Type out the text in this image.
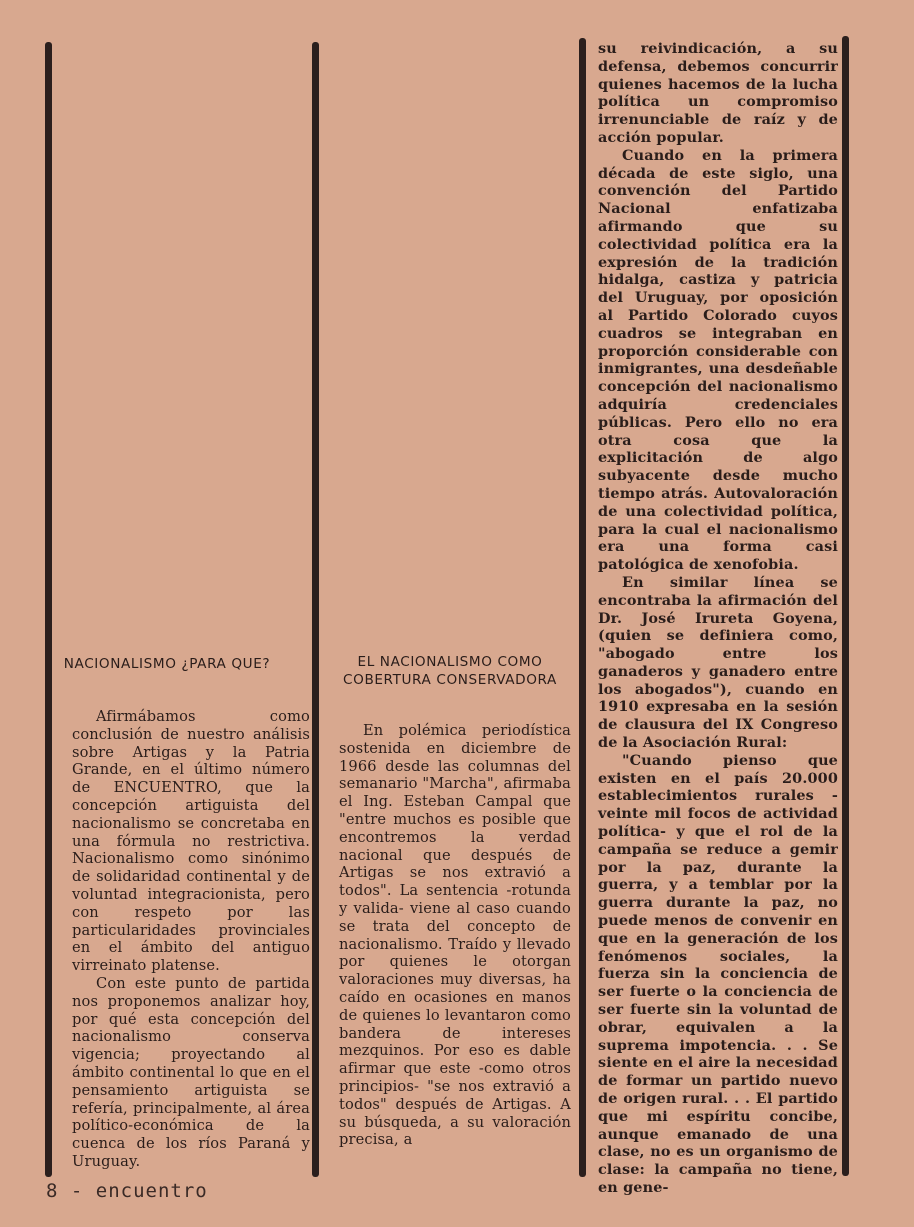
NACIONALISMO ¿PARA QUE?

Afirmábamos como conclusión de nuestro análisis sobre Artigas y la Patria Grande, en el último número de ENCUENTRO, que la concepción artiguista del nacionalismo se concretaba en una fórmula no restrictiva. Nacionalismo como sinónimo de solidaridad continental y de voluntad integracionista, pero con respeto por las particularidades provinciales en el ámbito del antiguo virreinato platense.

Con este punto de partida nos proponemos analizar hoy, por qué esta concepción del nacionalismo conserva vigencia; proyectando al ámbito continental lo que en el pensamiento artiguista se refería, principalmente, al área político-económica de la cuenca de los ríos Paraná y Uruguay.

EL NACIONALISMO COMO COBERTURA CONSERVADORA

En polémica periodística sostenida en diciembre de 1966 desde las columnas del semanario "Marcha", afirmaba el Ing. Esteban Campal que "entre muchos es posible que encontremos la verdad nacional que después de Artigas se nos extravió a todos". La sentencia -rotunda y valida- viene al caso cuando se trata del concepto de nacionalismo. Traído y llevado por quienes le otorgan valoraciones muy diversas, ha caído en ocasiones en manos de quienes lo levantaron como bandera de intereses mezquinos. Por eso es dable afirmar que este -como otros principios- "se nos extravió a todos" después de Artigas. A su búsqueda, a su valoración precisa, a

su reivindicación, a su defensa, debemos concurrir quienes hacemos de la lucha política un compromiso irrenunciable de raíz y de acción popular.

Cuando en la primera década de este siglo, una convención del Partido Nacional enfatizaba afirmando que su colectividad política era la expresión de la tradición hidalga, castiza y patricia del Uruguay, por oposición al Partido Colorado cuyos cuadros se integraban en proporción considerable con inmigrantes, una desdeñable concepción del nacionalismo adquiría credenciales públicas. Pero ello no era otra cosa que la explicitación de algo subyacente desde mucho tiempo atrás. Autovaloración de una colectividad política, para la cual el nacionalismo era una forma casi patológica de xenofobia.

En similar línea se encontraba la afirmación del Dr. José Irureta Goyena, (quien se definiera como, "abogado entre los ganaderos y ganadero entre los abogados"), cuando en 1910 expresaba en la sesión de clausura del IX Congreso de la Asociación Rural:

"Cuando pienso que existen en el país 20.000 establecimientos rurales -veinte mil focos de actividad política- y que el rol de la campaña se reduce a gemir por la paz, durante la guerra, y a temblar por la guerra durante la paz, no puede menos de convenir en que en la generación de los fenómenos sociales, la fuerza sin la conciencia de ser fuerte o la conciencia de ser fuerte sin la voluntad de obrar, equivalen a la suprema impotencia. . . Se siente en el aire la necesidad de formar un partido nuevo de origen rural. . . El partido que mi espíritu concibe, aunque emanado de una clase, no es un organismo de clase: la campaña no tiene, en gene-

8 - encuentro
